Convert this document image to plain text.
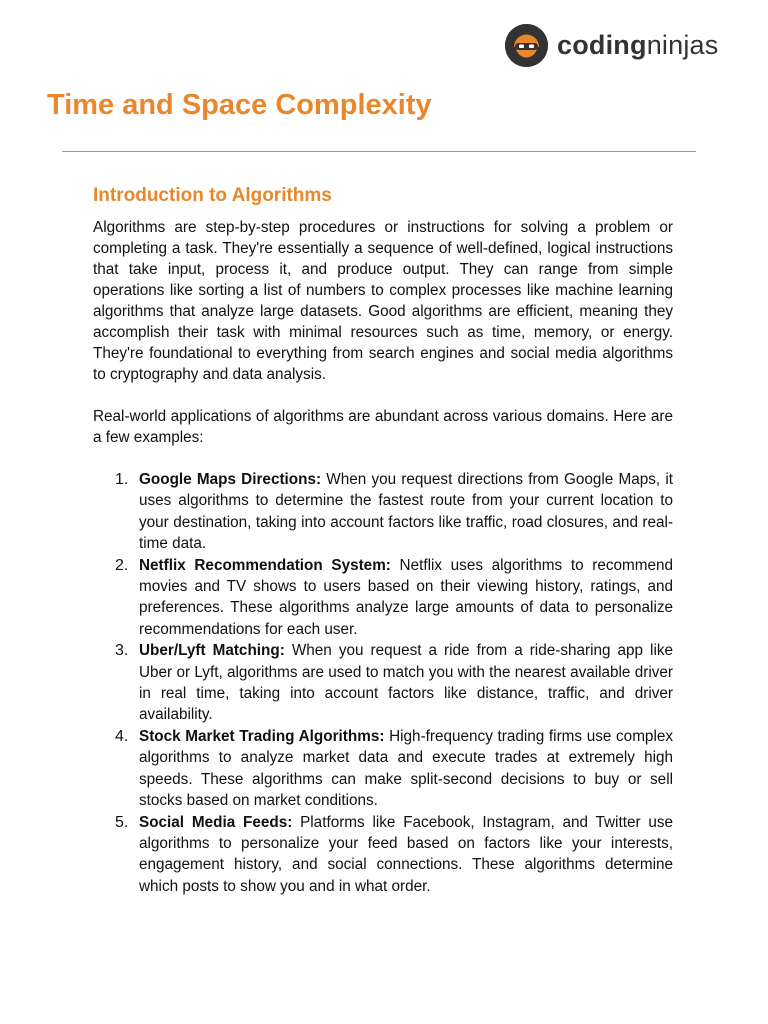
codingninjas
Time and Space Complexity
Introduction to Algorithms

Algorithms are step-by-step procedures or instructions for solving a problem or completing a task. They're essentially a sequence of well-defined, logical instructions that take input, process it, and produce output. They can range from simple operations like sorting a list of numbers to complex processes like machine learning algorithms that analyze large datasets. Good algorithms are efficient, meaning they accomplish their task with minimal resources such as time, memory, or energy. They're foundational to everything from search engines and social media algorithms to cryptography and data analysis.

Real-world applications of algorithms are abundant across various domains. Here are a few examples:

1. Google Maps Directions: When you request directions from Google Maps, it uses algorithms to determine the fastest route from your current location to your destination, taking into account factors like traffic, road closures, and real-time data.
2. Netflix Recommendation System: Netflix uses algorithms to recommend movies and TV shows to users based on their viewing history, ratings, and preferences. These algorithms analyze large amounts of data to personalize recommendations for each user.
3. Uber/Lyft Matching: When you request a ride from a ride-sharing app like Uber or Lyft, algorithms are used to match you with the nearest available driver in real time, taking into account factors like distance, traffic, and driver availability.
4. Stock Market Trading Algorithms: High-frequency trading firms use complex algorithms to analyze market data and execute trades at extremely high speeds. These algorithms can make split-second decisions to buy or sell stocks based on market conditions.
5. Social Media Feeds: Platforms like Facebook, Instagram, and Twitter use algorithms to personalize your feed based on factors like your interests, engagement history, and social connections. These algorithms determine which posts to show you and in what order.
